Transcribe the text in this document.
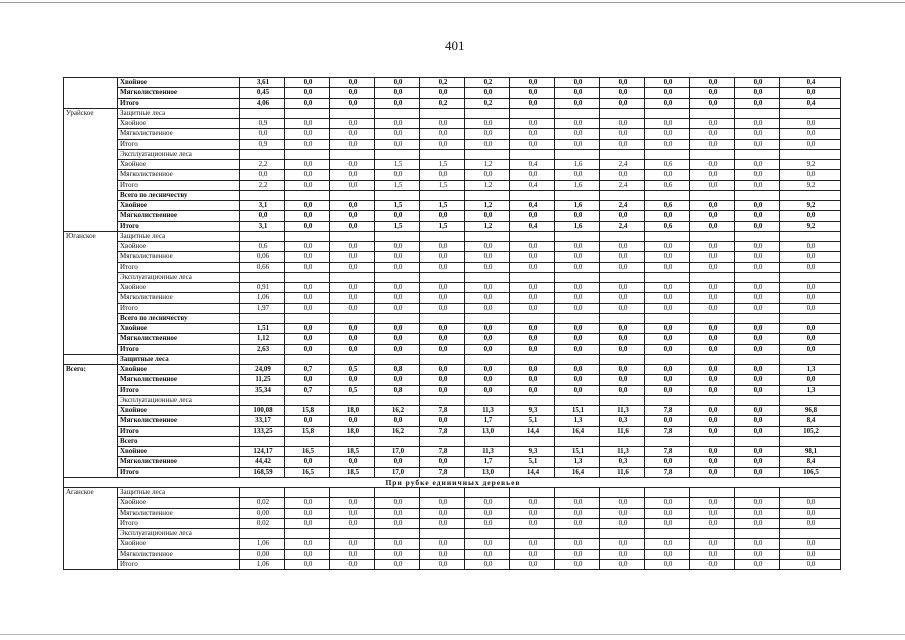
401
	Хвойное	3,61	0,0	0,0	0,0	0,2	0,2	0,0	0,0	0,0	0,0	0,0	0,0	0,4
	Мягколиственное	0,45	0,0	0,0	0,0	0,0	0,0	0,0	0,0	0,0	0,0	0,0	0,0	0,0
	Итого	4,06	0,0	0,0	0,0	0,2	0,2	0,0	0,0	0,0	0,0	0,0	0,0	0,4
Урайское	Защитные леса													
	Хвойное	0,9	0,0	0,0	0,0	0,0	0,0	0,0	0,0	0,0	0,0	0,0	0,0	0,0
	Мягколиственное	0,0	0,0	0,0	0,0	0,0	0,0	0,0	0,0	0,0	0,0	0,0	0,0	0,0
	Итого	0,9	0,0	0,0	0,0	0,0	0,0	0,0	0,0	0,0	0,0	0,0	0,0	0,0
	Эксплуатационные леса													
	Хвойное	2,2	0,0	0,0	1,5	1,5	1,2	0,4	1,6	2,4	0,6	0,0	0,0	9,2
	Мягколиственное	0,0	0,0	0,0	0,0	0,0	0,0	0,0	0,0	0,0	0,0	0,0	0,0	0,0
	Итого	2,2	0,0	0,0	1,5	1,5	1,2	0,4	1,6	2,4	0,6	0,0	0,0	9,2
	Всего по лесничеству													
	Хвойное	3,1	0,0	0,0	1,5	1,5	1,2	0,4	1,6	2,4	0,6	0,0	0,0	9,2
	Мягколиственное	0,0	0,0	0,0	0,0	0,0	0,0	0,0	0,0	0,0	0,0	0,0	0,0	0,0
	Итого	3,1	0,0	0,0	1,5	1,5	1,2	0,4	1,6	2,4	0,6	0,0	0,0	9,2
Юганское	Защитные леса													
	Хвойное	0,6	0,0	0,0	0,0	0,0	0,0	0,0	0,0	0,0	0,0	0,0	0,0	0,0
	Мягколиственное	0,06	0,0	0,0	0,0	0,0	0,0	0,0	0,0	0,0	0,0	0,0	0,0	0,0
	Итого	0,66	0,0	0,0	0,0	0,0	0,0	0,0	0,0	0,0	0,0	0,0	0,0	0,0
	Эксплуатационные леса													
	Хвойное	0,91	0,0	0,0	0,0	0,0	0,0	0,0	0,0	0,0	0,0	0,0	0,0	0,0
	Мягколиственное	1,06	0,0	0,0	0,0	0,0	0,0	0,0	0,0	0,0	0,0	0,0	0,0	0,0
	Итого	1,97	0,0	0,0	0,0	0,0	0,0	0,0	0,0	0,0	0,0	0,0	0,0	0,0
	Всего по лесничеству													
	Хвойное	1,51	0,0	0,0	0,0	0,0	0,0	0,0	0,0	0,0	0,0	0,0	0,0	0,0
	Мягколиственное	1,12	0,0	0,0	0,0	0,0	0,0	0,0	0,0	0,0	0,0	0,0	0,0	0,0
	Итого	2,63	0,0	0,0	0,0	0,0	0,0	0,0	0,0	0,0	0,0	0,0	0,0	0,0
	Защитные леса													
Всего:	Хвойное	24,09	0,7	0,5	0,8	0,0	0,0	0,0	0,0	0,0	0,0	0,0	0,0	1,3
	Мягколиственное	11,25	0,0	0,0	0,0	0,0	0,0	0,0	0,0	0,0	0,0	0,0	0,0	0,0
	Итого	35,34	0,7	0,5	0,8	0,0	0,0	0,0	0,0	0,0	0,0	0,0	0,0	1,3
	Эксплуатационные леса													
	Хвойное	100,08	15,8	18,0	16,2	7,8	11,3	9,3	15,1	11,3	7,8	0,0	0,0	96,8
	Мягколиственное	33,17	0,0	0,0	0,0	0,0	1,7	5,1	1,3	0,3	0,0	0,0	0,0	8,4
	Итого	133,25	15,8	18,0	16,2	7,8	13,0	14,4	16,4	11,6	7,8	0,0	0,0	105,2
	Всего													
	Хвойное	124,17	16,5	18,5	17,0	7,8	11,3	9,3	15,1	11,3	7,8	0,0	0,0	98,1
	Мягколиственное	44,42	0,0	0,0	0,0	0,0	1,7	5,1	1,3	0,3	0,0	0,0	0,0	8,4
	Итого	168,59	16,5	18,5	17,0	7,8	13,0	14,4	16,4	11,6	7,8	0,0	0,0	106,5
При рубке единичных деревьев														
Аганское	Защитные леса													
	Хвойное	0,02	0,0	0,0	0,0	0,0	0,0	0,0	0,0	0,0	0,0	0,0	0,0	0,0
	Мягколиственное	0,00	0,0	0,0	0,0	0,0	0,0	0,0	0,0	0,0	0,0	0,0	0,0	0,0
	Итого	0,02	0,0	0,0	0,0	0,0	0,0	0,0	0,0	0,0	0,0	0,0	0,0	0,0
	Эксплуатационные леса													
	Хвойное	1,06	0,0	0,0	0,0	0,0	0,0	0,0	0,0	0,0	0,0	0,0	0,0	0,0
	Мягколиственное	0,00	0,0	0,0	0,0	0,0	0,0	0,0	0,0	0,0	0,0	0,0	0,0	0,0
	Итого	1,06	0,0	0,0	0,0	0,0	0,0	0,0	0,0	0,0	0,0	0,0	0,0	0,0
